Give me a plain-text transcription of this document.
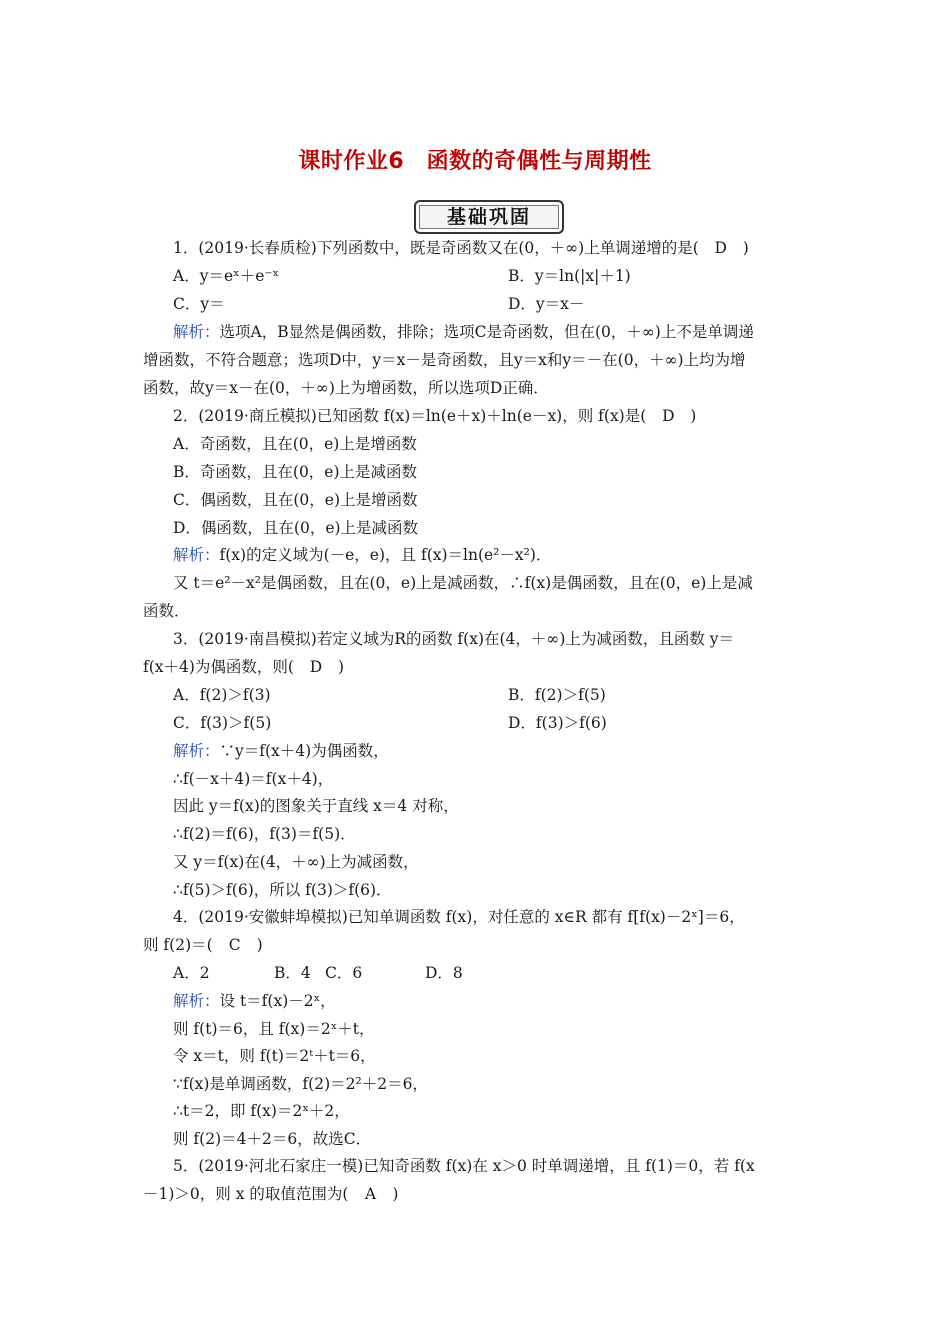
课时作业6　函数的奇偶性与周期性
基础巩固
1．(2019·长春质检)下列函数中，既是奇函数又在(0，＋∞)上单调递增的是( D )
A．y＝eˣ＋e⁻ˣ	B．y＝ln(|x|＋1)
C．y＝	D．y＝x－
解析：选项A，B显然是偶函数，排除；选项C是奇函数，但在(0，＋∞)上不是单调递
增函数，不符合题意；选项D中，y＝x－是奇函数，且y＝x和y＝－在(0，＋∞)上均为增
函数，故y＝x－在(0，＋∞)上为增函数，所以选项D正确．
2．(2019·商丘模拟)已知函数 f(x)＝ln(e＋x)＋ln(e－x)，则 f(x)是( D )
A．奇函数，且在(0，e)上是增函数
B．奇函数，且在(0，e)上是减函数
C．偶函数，且在(0，e)上是增函数
D．偶函数，且在(0，e)上是减函数
解析：f(x)的定义域为(－e，e)，且 f(x)＝ln(e²－x²)．
又 t＝e²－x²是偶函数，且在(0，e)上是减函数，∴f(x)是偶函数，且在(0，e)上是减
函数．
3．(2019·南昌模拟)若定义域为R的函数 f(x)在(4，＋∞)上为减函数，且函数 y＝
f(x＋4)为偶函数，则( D )
A．f(2)＞f(3)	B．f(2)＞f(5)
C．f(3)＞f(5)	D．f(3)＞f(6)
解析：∵y＝f(x＋4)为偶函数，
∴f(－x＋4)＝f(x＋4)，
因此 y＝f(x)的图象关于直线 x＝4 对称，
∴f(2)＝f(6)，f(3)＝f(5)．
又 y＝f(x)在(4，＋∞)上为减函数，
∴f(5)＞f(6)，所以 f(3)＞f(6)．
4．(2019·安徽蚌埠模拟)已知单调函数 f(x)，对任意的 x∈R 都有 f[f(x)－2ˣ]＝6，
则 f(2)＝( C )
A．2	B．4 C．6	D．8
解析：设 t＝f(x)－2ˣ，
则 f(t)＝6，且 f(x)＝2ˣ＋t，
令 x＝t，则 f(t)＝2ᵗ＋t＝6，
∵f(x)是单调函数，f(2)＝2²＋2＝6，
∴t＝2，即 f(x)＝2ˣ＋2，
则 f(2)＝4＋2＝6，故选C．
5．(2019·河北石家庄一模)已知奇函数 f(x)在 x＞0 时单调递增，且 f(1)＝0，若 f(x
－1)＞0，则 x 的取值范围为( A )
